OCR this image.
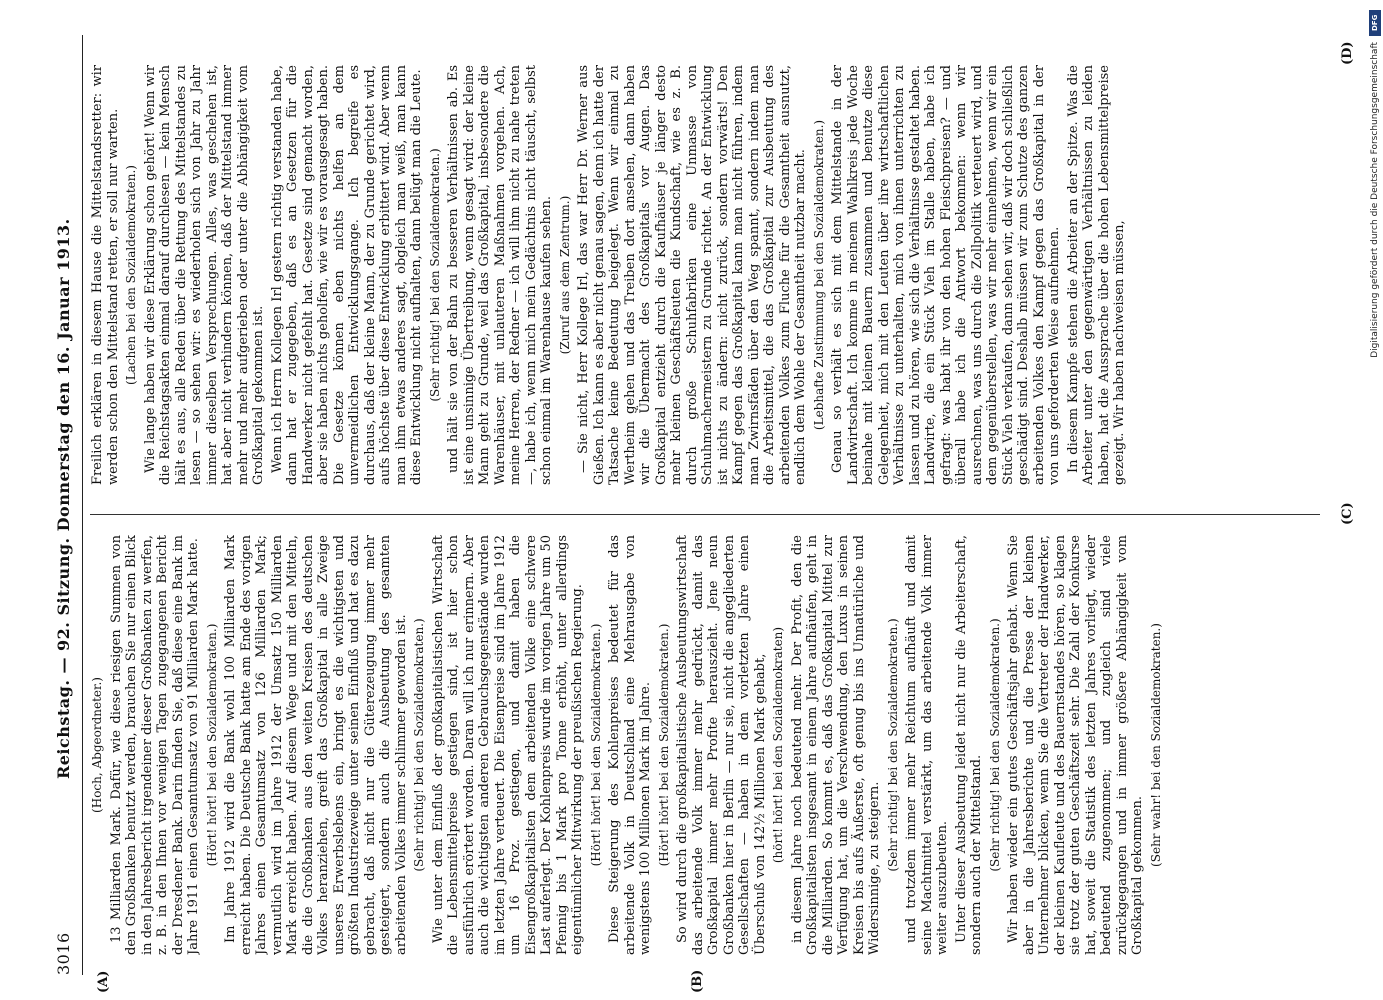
3016
Reichstag. — 92. Sitzung. Donnerstag den 16. Januar 1913.
(A)	(B)
(C)
(D)

(Hoch, Abgeordneter.) 13 Milliarden Mark. Dafür, wie diese riesigen Summen von den Großbanken benutzt werden, brauchen Sie nur einen Blick in den Jahresbericht irgendeiner dieser Großbanken zu werfen, z. B. in den Ihnen vor wenigen Tagen zugegangenen Bericht der Dresdener Bank. Darin finden Sie, daß diese eine Bank im Jahre 1911 einen Gesamtumsatz von 91 Milliarden Mark hatte. (Hört! hört! bei den Sozialdemokraten.) Im Jahre 1912 wird die Bank wohl 100 Milliarden Mark erreicht haben. Die Deutsche Bank hatte am Ende des vorigen Jahres einen Gesamtumsatz von 126 Milliarden Mark; vermutlich wird im Jahre 1912 der Umsatz 150 Milliarden Mark erreicht haben. Auf diesem Wege und mit den Mitteln, die die Großbanken aus den weiten Kreisen des deutschen Volkes heranziehen, greift das Großkapital in alle Zweige unseres Erwerbslebens ein, bringt es die wichtigsten und größten Industriezweige unter seinen Einfluß und hat es dazu gebracht, daß nicht nur die Güterezeugung immer mehr gesteigert, sondern auch die Ausbeutung des gesamten arbeitenden Volkes immer schlimmer geworden ist. (Sehr richtig! bei den Sozialdemokraten.) Wie unter dem Einfluß der großkapitalistischen Wirtschaft die Lebensmittelpreise gestiegen sind, ist hier schon ausführlich erörtert worden. Daran will ich nur erinnern. Aber auch die wichtigsten anderen Gebrauchsgegenstände wurden im letzten Jahre verteuert. Die Eisenpreise sind im Jahre 1912 um 16 Proz. gestiegen, und damit haben die Eisengroßkapitalisten dem arbeitenden Volke eine schwere Last auferlegt. Der Kohlenpreis wurde im vorigen Jahre um 50 Pfennig bis 1 Mark pro Tonne erhöht, unter allerdings eigentümlicher Mitwirkung der preußischen Regierung. (Hört! hört! bei den Sozialdemokraten.) Diese Steigerung des Kohlenpreises bedeutet für das arbeitende Volk in Deutschland eine Mehrausgabe von wenigstens 100 Millionen Mark im Jahre. (Hört! hört! bei den Sozialdemokraten.) So wird durch die großkapitalistische Ausbeutungswirtschaft das arbeitende Volk immer mehr gedrückt, damit das Großkapital immer mehr Profite herauszieht. Jene neun Großbanken hier in Berlin — nur sie, nicht die angegliederten Gesellschaften — haben in dem vorletzten Jahre einen Überschuß von 142½ Millionen Mark gehabt, (hört! hört! bei den Sozialdemokraten) in diesem Jahre noch bedeutend mehr. Der Profit, den die Großkapitalisten insgesamt in einem Jahre aufhäufen, geht in die Milliarden. So kommt es, daß das Großkapital Mittel zur Verfügung hat, um die Verschwendung, den Luxus in seinen Kreisen bis aufs Äußerste, oft genug bis ins Unnatürliche und Widersinnige, zu steigern. (Sehr richtig! bei den Sozialdemokraten.) und trotzdem immer mehr Reichtum aufhäuft und damit seine Machtmittel verstärkt, um das arbeitende Volk immer weiter auszubeuten. Unter dieser Ausbeutung leidet nicht nur die Arbeiterschaft, sondern auch der Mittelstand. (Sehr richtig! bei den Sozialdemokraten.) Wir haben wieder ein gutes Geschäftsjahr gehabt. Wenn Sie aber in die Jahresberichte und die Presse der kleinen Unternehmer blicken, wenn Sie die Vertreter der Handwerker, der kleinen Kaufleute und des Bauernstandes hören, so klagen sie trotz der guten Geschäftszeit sehr. Die Zahl der Konkurse hat, soweit die Statistik des letzten Jahres vorliegt, wieder bedeutend zugenommen; und zugleich sind viele zurückgegangen und in immer größere Abhängigkeit vom Großkapital gekommen.

(Sehr wahr! bei den Sozialdemokraten.)

Freilich erklären in diesem Hause die Mittelstandsretter: wir werden schon den Mittelstand retten, er soll nur warten. (Lachen bei den Sozialdemokraten.) Wie lange haben wir diese Erklärung schon gehört! Wenn wir die Reichstagsakten einmal darauf durchlesen — kein Mensch hält es aus, alle Reden über die Rettung des Mittelstandes zu lesen — so sehen wir: es wiederholen sich von Jahr zu Jahr immer dieselben Versprechungen. Alles, was geschehen ist, hat aber nicht verhindern können, daß der Mittelstand immer mehr und mehr aufgerieben oder unter die Abhängigkeit vom Großkapital gekommen ist. Wenn ich Herrn Kollegen Irl gestern richtig verstanden habe, dann hat er zugegeben, daß es an Gesetzen für die Handwerker nicht gefehlt hat. Gesetze sind gemacht worden, aber sie haben nichts geholfen, wie wir es vorausgesagt haben. Die Gesetze können eben nichts helfen an dem unvermeidlichen Entwicklungsgange. Ich begreife es durchaus, daß der kleine Mann, der zu Grunde gerichtet wird, aufs höchste über diese Entwicklung erbittert wird. Aber wenn man ihm etwas anderes sagt, obgleich man weiß, man kann diese Entwicklung nicht aufhalten, dann belügt man die Leute. (Sehr richtig! bei den Sozialdemokraten.) und hält sie von der Bahn zu besseren Verhältnissen ab. Es ist eine unsinnige Übertreibung, wenn gesagt wird: der kleine Mann geht zu Grunde, weil das Großkapital, insbesondere die Warenhäuser, mit unlauteren Maßnahmen vorgehen. Ach, meine Herren, der Redner — ich will ihm nicht zu nahe treten —, habe ich, wenn mich mein Gedächtnis nicht täuscht, selbst schon einmal im Warenhause kaufen sehen. (Zuruf aus dem Zentrum.) — Sie nicht, Herr Kollege Irl, das war Herr Dr. Werner aus Gießen. Ich kann es aber nicht genau sagen, denn ich hatte der Tatsache keine Bedeutung beigelegt. Wenn wir einmal zu Wertheim gehen und das Treiben dort ansehen, dann haben wir die Übermacht des Großkapitals vor Augen. Das Großkapital entzieht durch die Kaufhäuser je länger desto mehr kleinen Geschäftsleuten die Kundschaft, wie es z. B. durch große Schuhfabriken eine Unmasse von Schuhmachermeistern zu Grunde richtet. An der Entwicklung ist nichts zu ändern: nicht zurück, sondern vorwärts! Den Kampf gegen das Großkapital kann man nicht führen, indem man Zwirnsfäden über den Weg spannt, sondern indem man die Arbeitsmittel, die das Großkapital zur Ausbeutung des arbeitenden Volkes zum Fluche für die Gesamtheit ausnutzt, endlich dem Wohle der Gesamtheit nutzbar macht. (Lebhafte Zustimmung bei den Sozialdemokraten.) Genau so verhält es sich mit dem Mittelstande in der Landwirtschaft. Ich komme in meinem Wahlkreis jede Woche beinahe mit kleinen Bauern zusammen und benutze diese Gelegenheit, mich mit den Leuten über ihre wirtschaftlichen Verhältnisse zu unterhalten, mich von ihnen unterrichten zu lassen und zu hören, wie sich die Verhältnisse gestaltet haben. Landwirte, die ein Stück Vieh im Stalle haben, habe ich gefragt: was habt ihr von den hohen Fleischpreisen? — und überall habe ich die Antwort bekommen: wenn wir ausrechnen, was uns durch die Zollpolitik verteuert wird, und dem gegenüberstellen, was wir mehr einnehmen, wenn wir ein Stück Vieh verkaufen, dann sehen wir, daß wir doch schließlich geschädigt sind. Deshalb müssen wir zum Schutze des ganzen arbeitenden Volkes den Kampf gegen das Großkapital in der von uns geforderten Weise aufnehmen. In diesem Kampfe stehen die Arbeiter an der Spitze. Was die Arbeiter unter den gegenwärtigen Verhältnissen zu leiden haben, hat die Aussprache über die hohen Lebensmittelpreise gezeigt. Wir haben nachweisen müssen,

DFG
Digitalisierung gefördert durch die Deutsche Forschungsgemeinschaft
